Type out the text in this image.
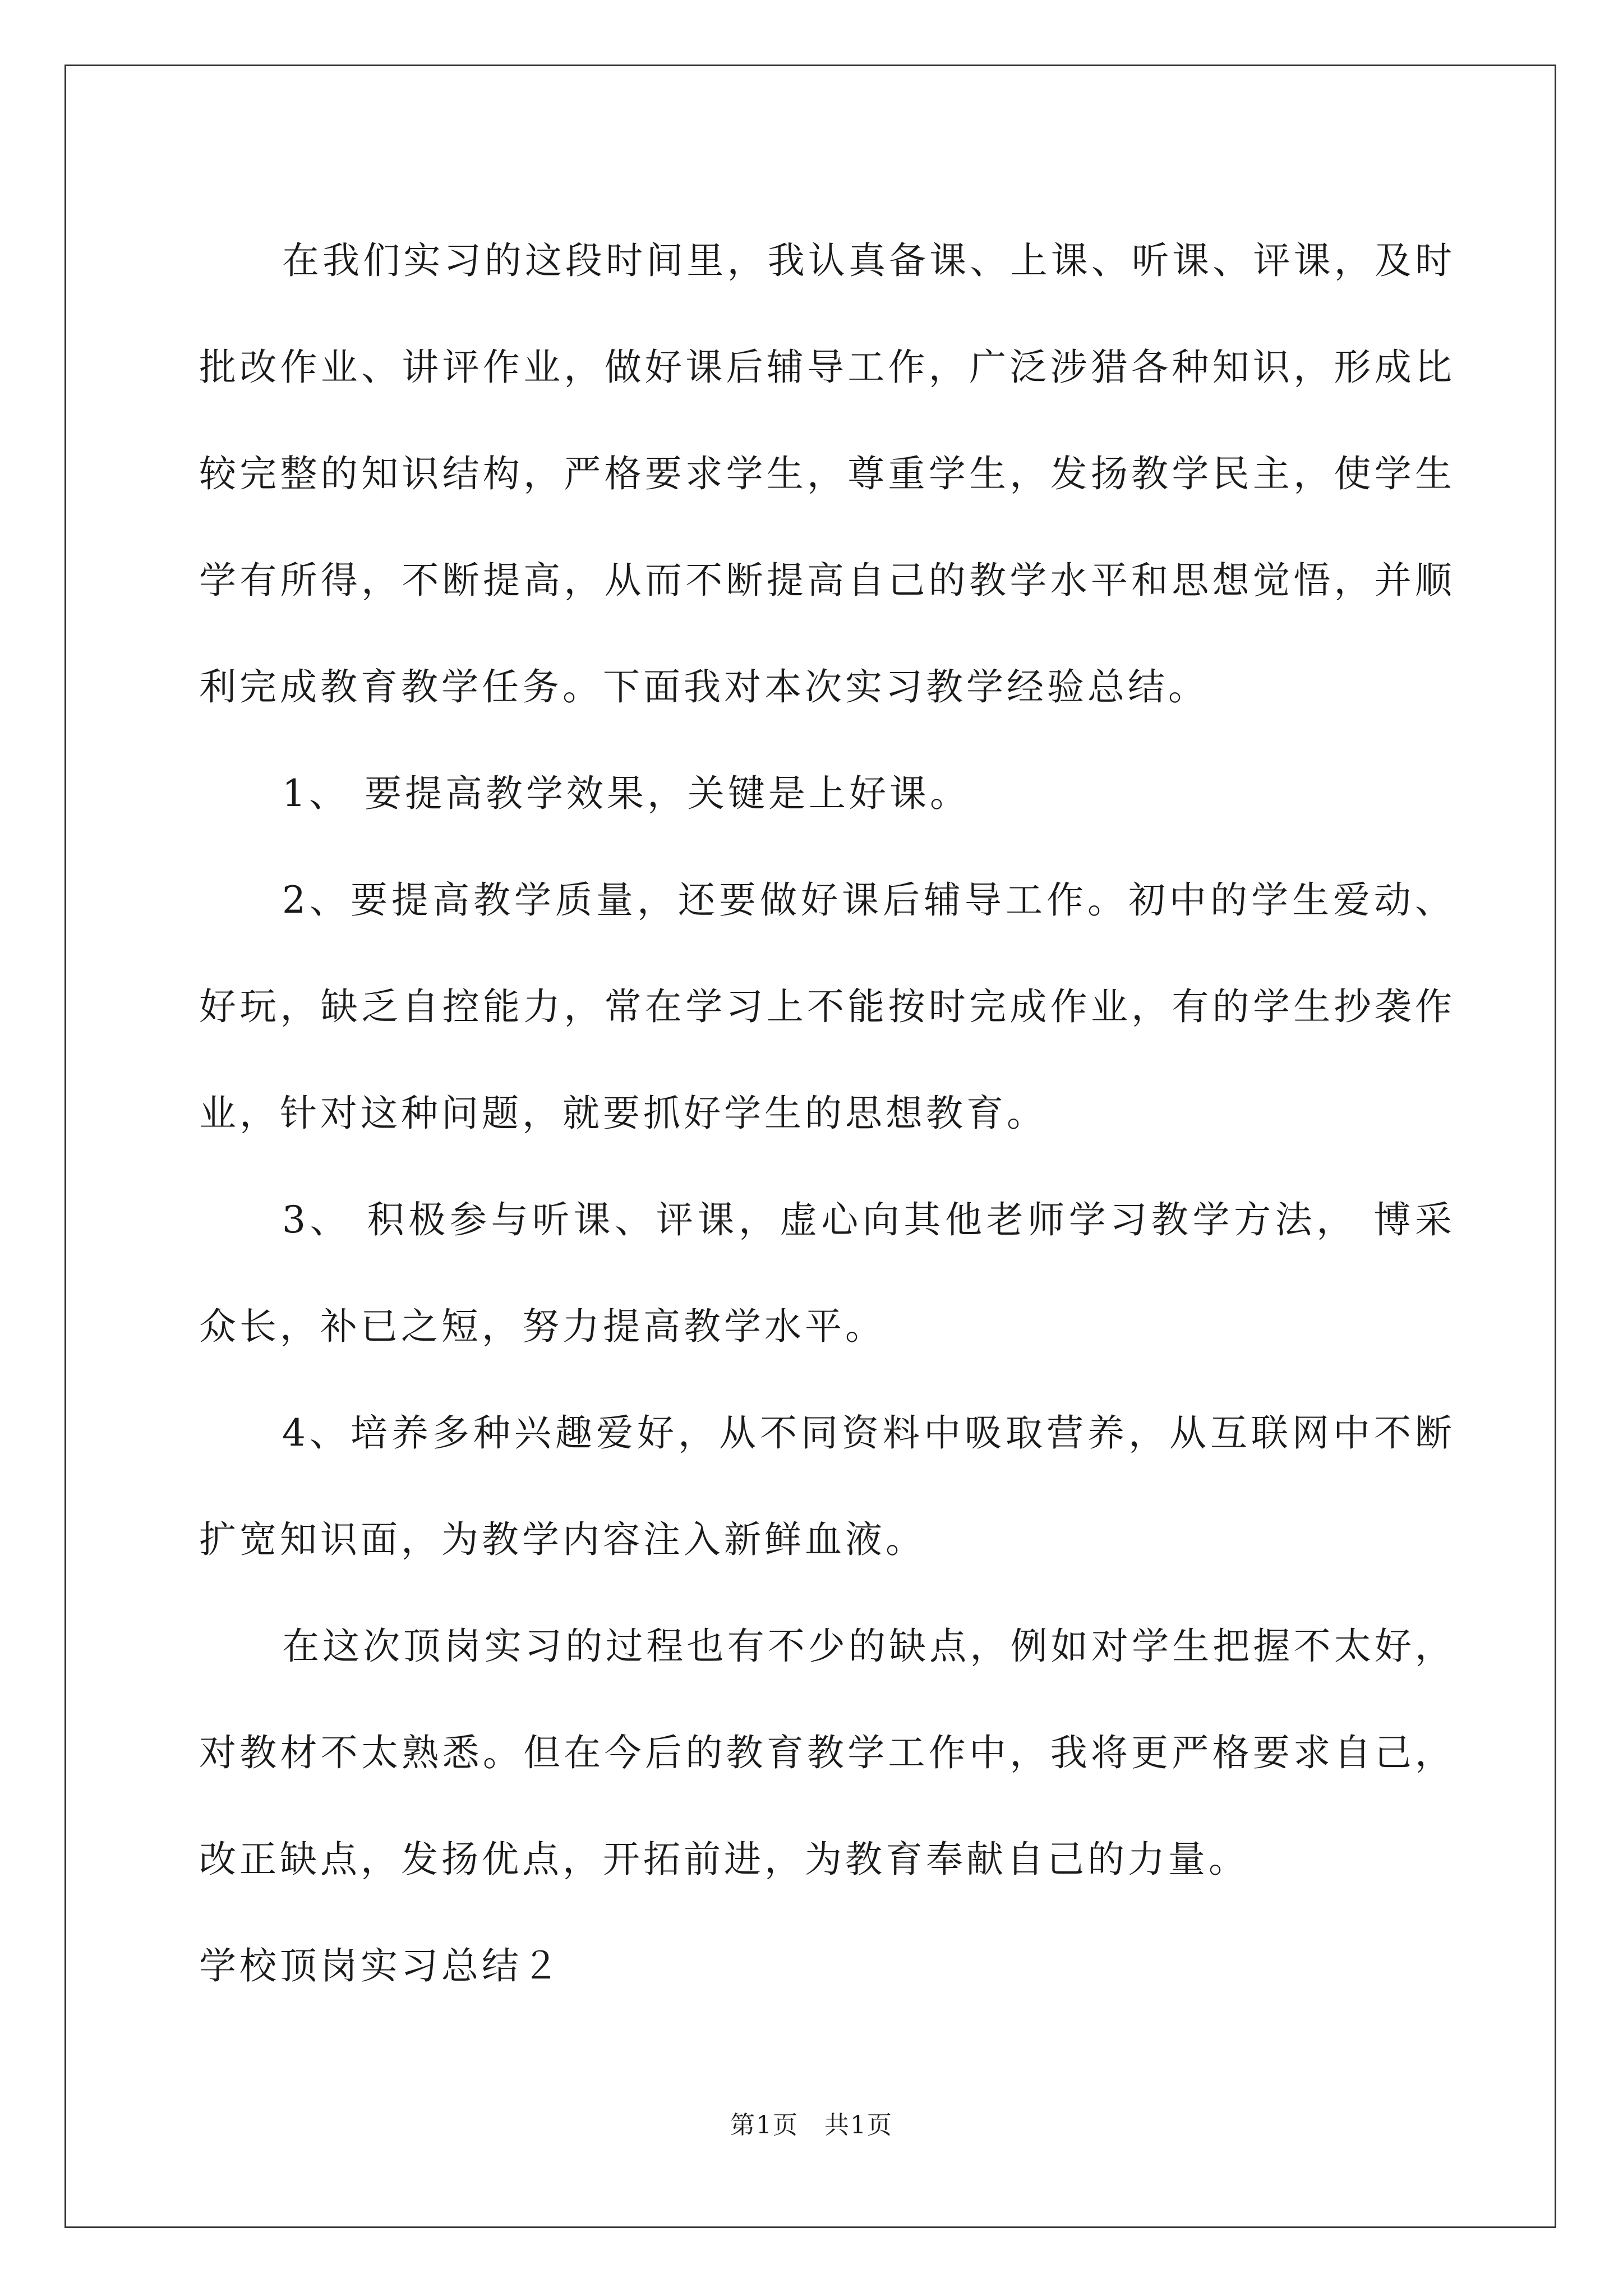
在我们实习的这段时间里，我认真备课、上课、听课、评课，及时批改作业、讲评作业，做好课后辅导工作，广泛涉猎各种知识，形成比较完整的知识结构，严格要求学生，尊重学生，发扬教学民主，使学生学有所得，不断提高，从而不断提高自己的教学水平和思想觉悟，并顺利完成教育教学任务。下面我对本次实习教学经验总结。

1、 要提高教学效果，关键是上好课。

2、要提高教学质量，还要做好课后辅导工作。初中的学生爱动、好玩，缺乏自控能力，常在学习上不能按时完成作业，有的学生抄袭作业，针对这种问题，就要抓好学生的思想教育。

3、 积极参与听课、评课，虚心向其他老师学习教学方法， 博采众长，补已之短，努力提高教学水平。

4、培养多种兴趣爱好，从不同资料中吸取营养，从互联网中不断扩宽知识面，为教学内容注入新鲜血液。

在这次顶岗实习的过程也有不少的缺点，例如对学生把握不太好，对教材不太熟悉。但在今后的教育教学工作中，我将更严格要求自己，改正缺点，发扬优点，开拓前进，为教育奉献自己的力量。

学校顶岗实习总结２

第1页　共1页
